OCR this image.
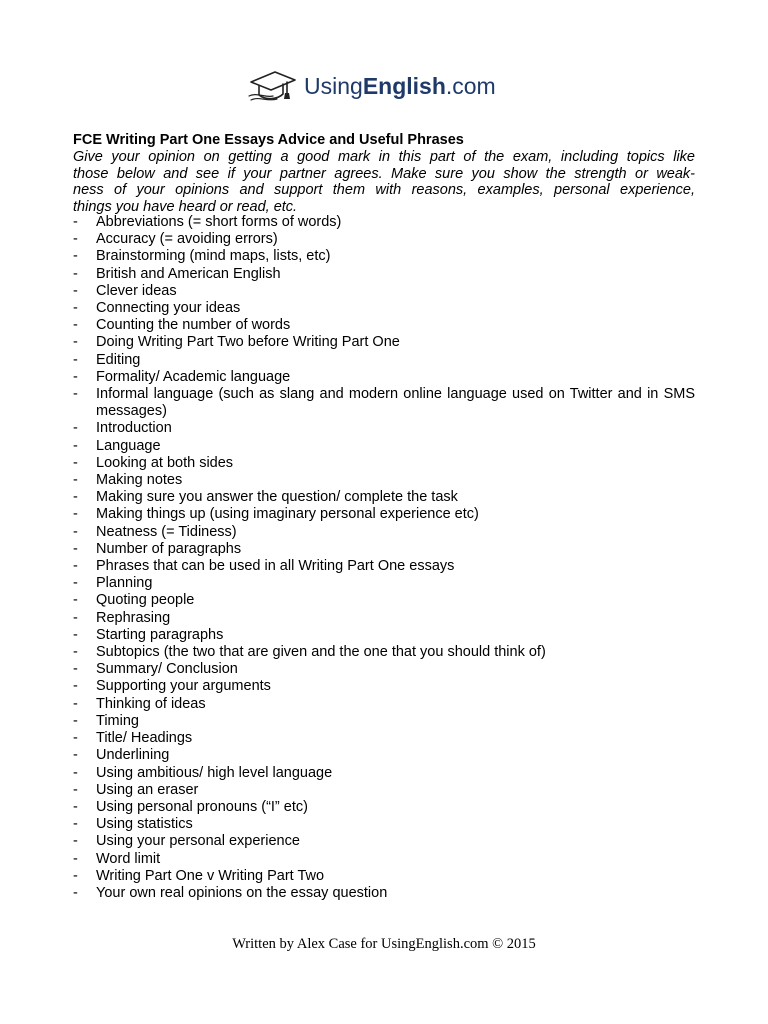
UsingEnglish.com
FCE Writing Part One Essays Advice and Useful Phrases
Give your opinion on getting a good mark in this part of the exam, including topics like
those below and see if your partner agrees. Make sure you show the strength or weak-
ness of your opinions and support them with reasons, examples, personal experience,
things you have heard or read, etc.
- Abbreviations (= short forms of words)
- Accuracy (= avoiding errors)
- Brainstorming (mind maps, lists, etc)
- British and American English
- Clever ideas
- Connecting your ideas
- Counting the number of words
- Doing Writing Part Two before Writing Part One
- Editing
- Formality/ Academic language
- Informal language (such as slang and modern online language used on Twitter and in SMS messages)
- Introduction
- Language
- Looking at both sides
- Making notes
- Making sure you answer the question/ complete the task
- Making things up (using imaginary personal experience etc)
- Neatness (= Tidiness)
- Number of paragraphs
- Phrases that can be used in all Writing Part One essays
- Planning
- Quoting people
- Rephrasing
- Starting paragraphs
- Subtopics (the two that are given and the one that you should think of)
- Summary/ Conclusion
- Supporting your arguments
- Thinking of ideas
- Timing
- Title/ Headings
- Underlining
- Using ambitious/ high level language
- Using an eraser
- Using personal pronouns (“I” etc)
- Using statistics
- Using your personal experience
- Word limit
- Writing Part One v Writing Part Two
- Your own real opinions on the essay question
Written by Alex Case for UsingEnglish.com © 2015
